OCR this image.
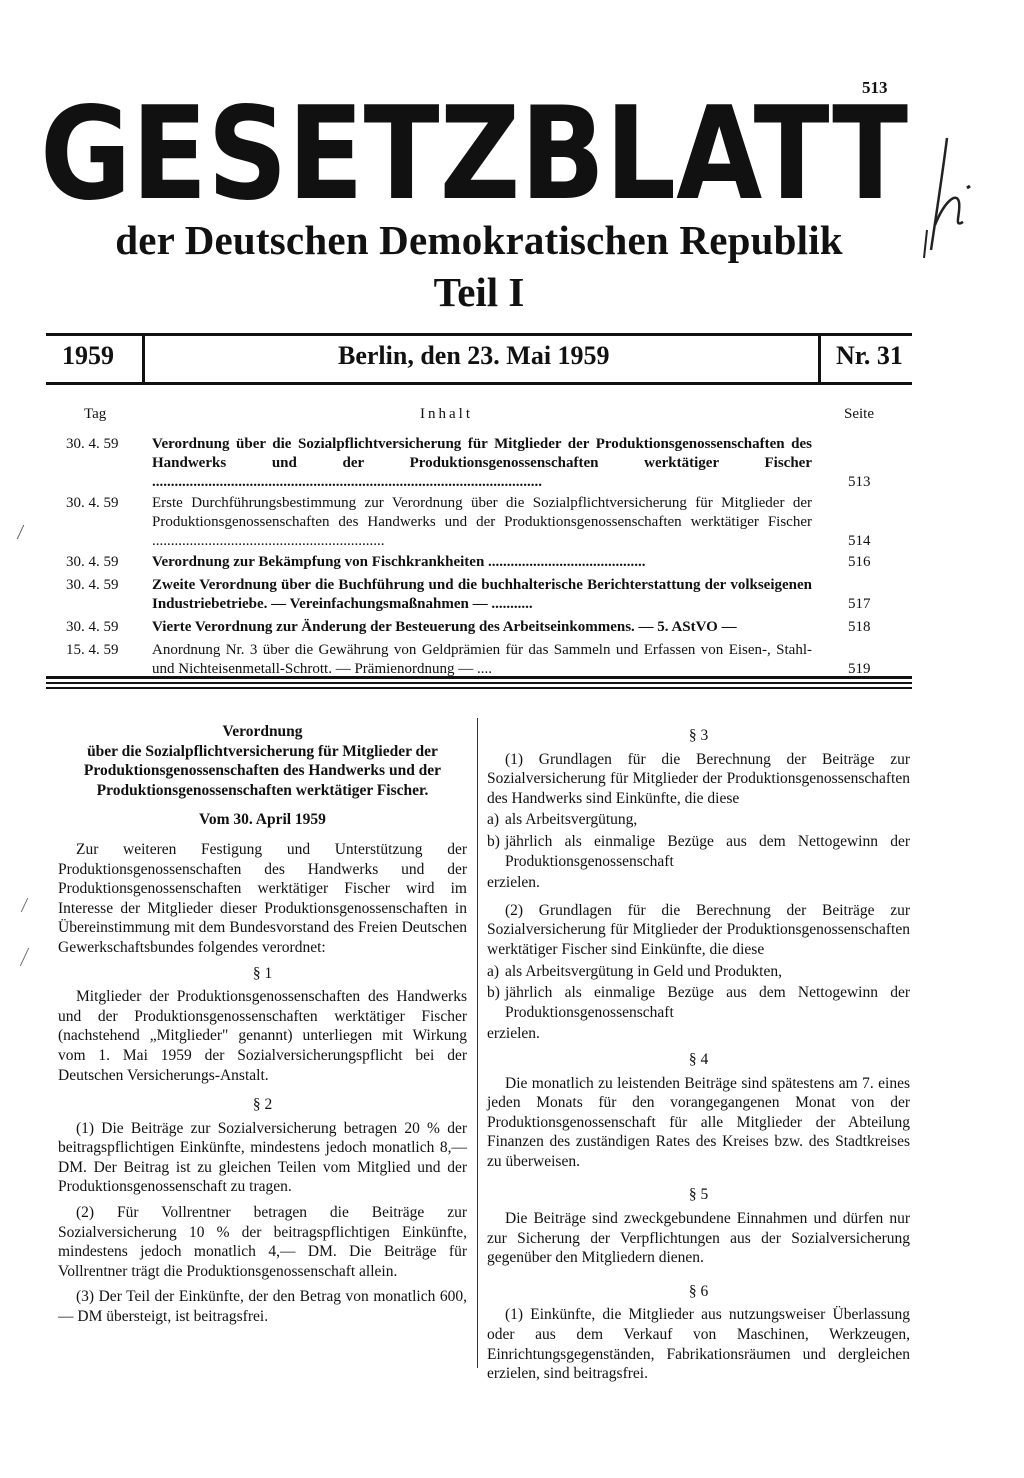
513
GESETZBLATT
der Deutschen Demokratischen Republik
Teil I
1959	Berlin, den 23. Mai 1959	Nr. 31
Tag	Inhalt	Seite
30. 4. 59 Verordnung über die Sozialpflichtversicherung für Mitglieder der Produktionsgenossenschaften des Handwerks und der Produktionsgenossenschaften werktätiger Fischer ........................................................................................................	513
30. 4. 59 Erste Durchführungsbestimmung zur Verordnung über die Sozialpflichtversicherung für Mitglieder der Produktionsgenossenschaften des Handwerks und der Produktionsgenossenschaften werktätiger Fischer ..............................................................	514
30. 4. 59 Verordnung zur Bekämpfung von Fischkrankheiten ..........................................	516
30. 4. 59 Zweite Verordnung über die Buchführung und die buchhalterische Berichterstattung der volkseigenen Industriebetriebe. — Vereinfachungsmaßnahmen — ...........	517
30. 4. 59 Vierte Verordnung zur Änderung der Besteuerung des Arbeitseinkommens. — 5. AStVO —	518
15. 4. 59 Anordnung Nr. 3 über die Gewährung von Geldprämien für das Sammeln und Erfassen von Eisen-, Stahl- und Nichteisenmetall-Schrott. — Prämienordnung — ....	519
Verordnung
über die Sozialpflichtversicherung für Mitglieder der Produktionsgenossenschaften des Handwerks und der Produktionsgenossenschaften werktätiger Fischer.
Vom 30. April 1959

Zur weiteren Festigung und Unterstützung der Produktionsgenossenschaften des Handwerks und der Produktionsgenossenschaften werktätiger Fischer wird im Interesse der Mitglieder dieser Produktionsgenossenschaften in Übereinstimmung mit dem Bundesvorstand des Freien Deutschen Gewerkschaftsbundes folgendes verordnet:

§ 1

Mitglieder der Produktionsgenossenschaften des Handwerks und der Produktionsgenossenschaften werktätiger Fischer (nachstehend „Mitglieder" genannt) unterliegen mit Wirkung vom 1. Mai 1959 der Sozialversicherungspflicht bei der Deutschen Versicherungs-Anstalt.

§ 2

(1) Die Beiträge zur Sozialversicherung betragen 20 % der beitragspflichtigen Einkünfte, mindestens jedoch monatlich 8,— DM. Der Beitrag ist zu gleichen Teilen vom Mitglied und der Produktionsgenossenschaft zu tragen.

(2) Für Vollrentner betragen die Beiträge zur Sozialversicherung 10 % der beitragspflichtigen Einkünfte, mindestens jedoch monatlich 4,— DM. Die Beiträge für Vollrentner trägt die Produktionsgenossenschaft allein.

(3) Der Teil der Einkünfte, der den Betrag von monatlich 600,— DM übersteigt, ist beitragsfrei.

§ 3

(1) Grundlagen für die Berechnung der Beiträge zur Sozialversicherung für Mitglieder der Produktionsgenossenschaften des Handwerks sind Einkünfte, die diese

a) als Arbeitsvergütung,
b) jährlich als einmalige Bezüge aus dem Nettogewinn der Produktionsgenossenschaft

erzielen.

(2) Grundlagen für die Berechnung der Beiträge zur Sozialversicherung für Mitglieder der Produktionsgenossenschaften werktätiger Fischer sind Einkünfte, die diese

a) als Arbeitsvergütung in Geld und Produkten,
b) jährlich als einmalige Bezüge aus dem Nettogewinn der Produktionsgenossenschaft

erzielen.

§ 4

Die monatlich zu leistenden Beiträge sind spätestens am 7. eines jeden Monats für den vorangegangenen Monat von der Produktionsgenossenschaft für alle Mitglieder der Abteilung Finanzen des zuständigen Rates des Kreises bzw. des Stadtkreises zu überweisen.

§ 5

Die Beiträge sind zweckgebundene Einnahmen und dürfen nur zur Sicherung der Verpflichtungen aus der Sozialversicherung gegenüber den Mitgliedern dienen.

§ 6

(1) Einkünfte, die Mitglieder aus nutzungsweiser Überlassung oder aus dem Verkauf von Maschinen, Werkzeugen, Einrichtungsgegenständen, Fabrikationsräumen und dergleichen erzielen, sind beitragsfrei.
